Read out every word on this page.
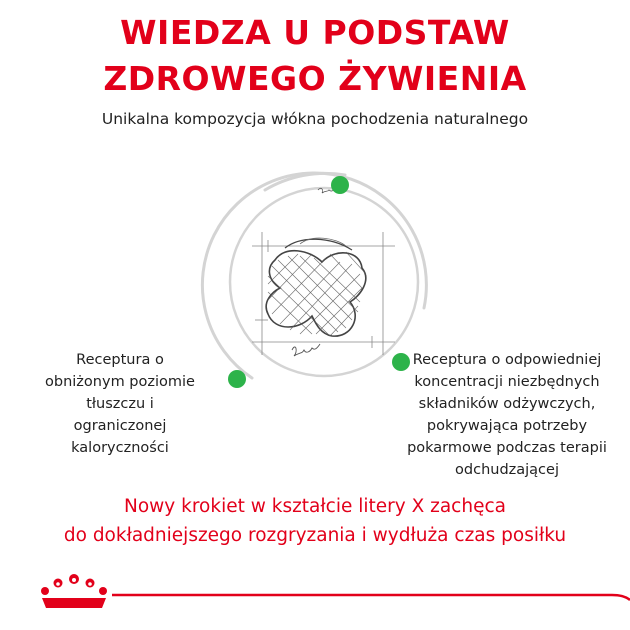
WIEDZA U PODSTAW
ZDROWEGO ŻYWIENIA
Unikalna kompozycja włókna pochodzenia naturalnego
Receptura o obniżonym poziomie tłuszczu i ograniczonej kaloryczności
Receptura o odpowiedniej koncentracji niezbędnych składników odżywczych, pokrywająca potrzeby pokarmowe podczas terapii odchudzającej
Nowy krokiet w kształcie litery X zachęca
do dokładniejszego rozgryzania i wydłuża czas posiłku
